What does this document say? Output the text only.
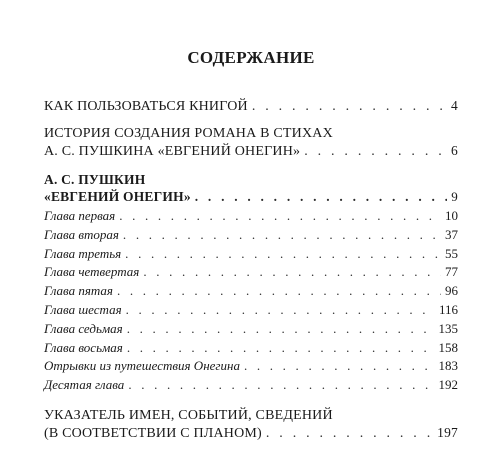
СОДЕРЖАНИЕ
КАК ПОЛЬЗОВАТЬСЯ КНИГОЙ . . .	4
ИСТОРИЯ СОЗДАНИЯ РОМАНА В СТИХАХ
А. С. ПУШКИНА «ЕВГЕНИЙ ОНЕГИН» . . .	6
А. С. ПУШКИН
«ЕВГЕНИЙ ОНЕГИН» . . .	9
Глава первая . . .	10
Глава вторая . . .	37
Глава третья . . .	55
Глава четвертая . . .	77
Глава пятая . . .	96
Глава шестая . . .	116
Глава седьмая . . .	135
Глава восьмая . . .	158
Отрывки из путешествия Онегина . . .	183
Десятая глава . . .	192
УКАЗАТЕЛЬ ИМЕН, СОБЫТИЙ, СВЕДЕНИЙ
(В СООТВЕТСТВИИ С ПЛАНОМ) . . .	197
